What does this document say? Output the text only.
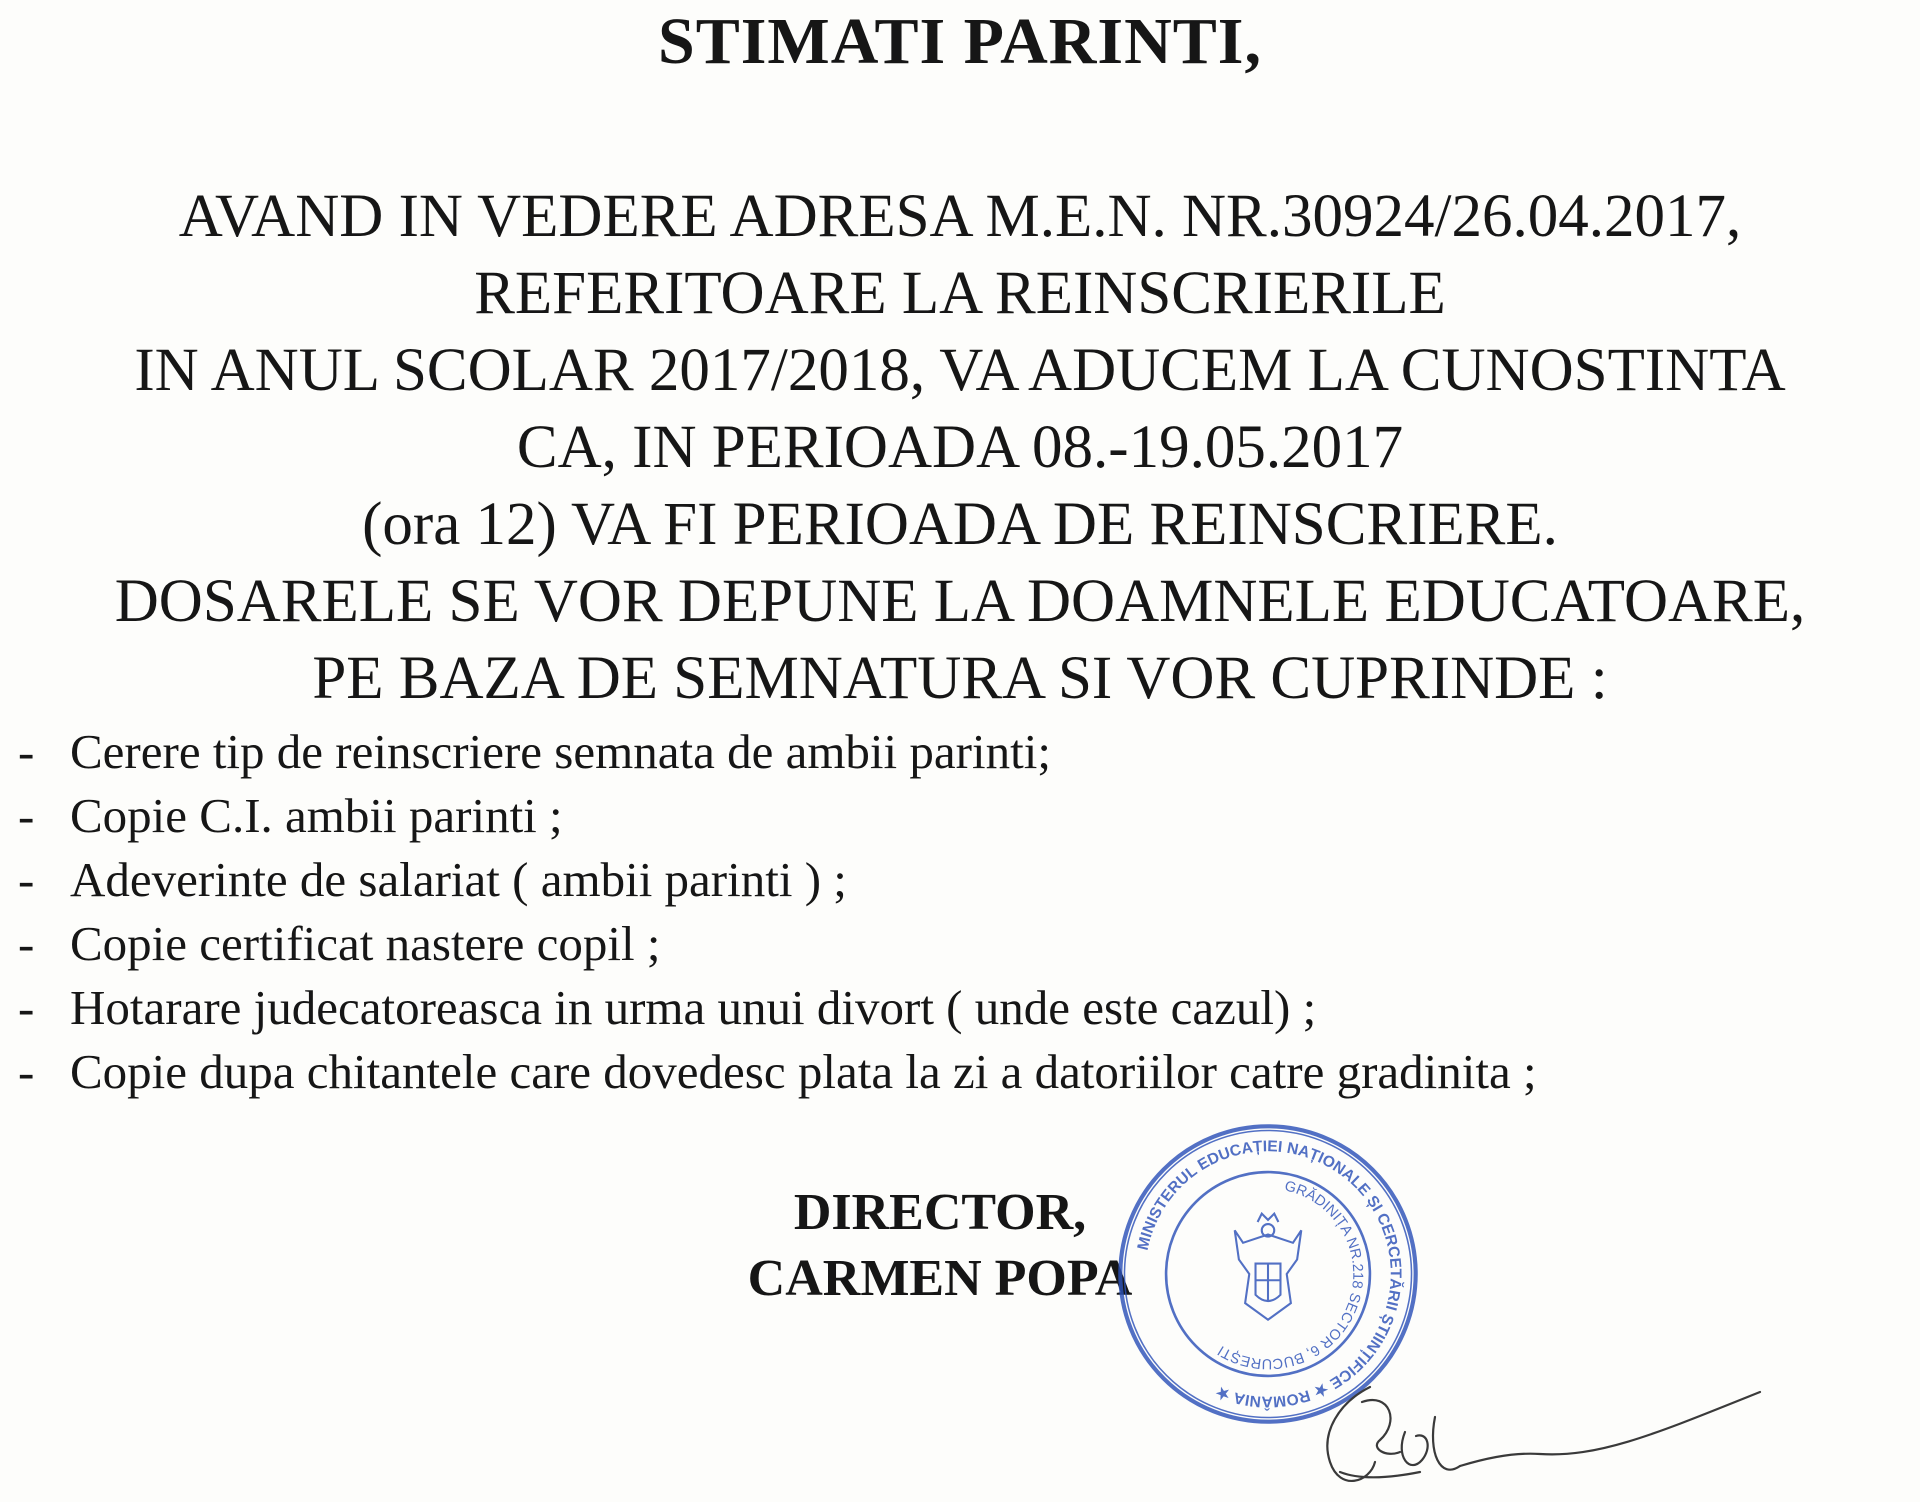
STIMATI PARINTI,
AVAND IN VEDERE ADRESA M.E.N. NR.30924/26.04.2017,
REFERITOARE LA REINSCRIERILE
IN ANUL SCOLAR 2017/2018, VA ADUCEM LA CUNOSTINTA
CA, IN PERIOADA 08.-19.05.2017
(ora 12) VA FI PERIOADA DE REINSCRIERE.
DOSARELE SE VOR DEPUNE LA DOAMNELE EDUCATOARE,
PE BAZA DE SEMNATURA SI VOR CUPRINDE :
- Cerere tip de reinscriere semnata de ambii parinti;
- Copie C.I. ambii parinti ;
- Adeverinte de salariat ( ambii parinti ) ;
- Copie certificat nastere copil ;
- Hotarare judecatoreasca in urma unui divort ( unde este cazul) ;
- Copie dupa chitantele care dovedesc plata la zi a datoriilor catre gradinita ;
DIRECTOR,
CARMEN POPA
MINISTERUL EDUCAȚIEI NAȚIONALE ȘI CERCETĂRII ȘTIINȚIFICE ★ ROMÂNIA ★
GRĂDINIȚA NR.218 SECTOR 6, BUCUREȘTI
